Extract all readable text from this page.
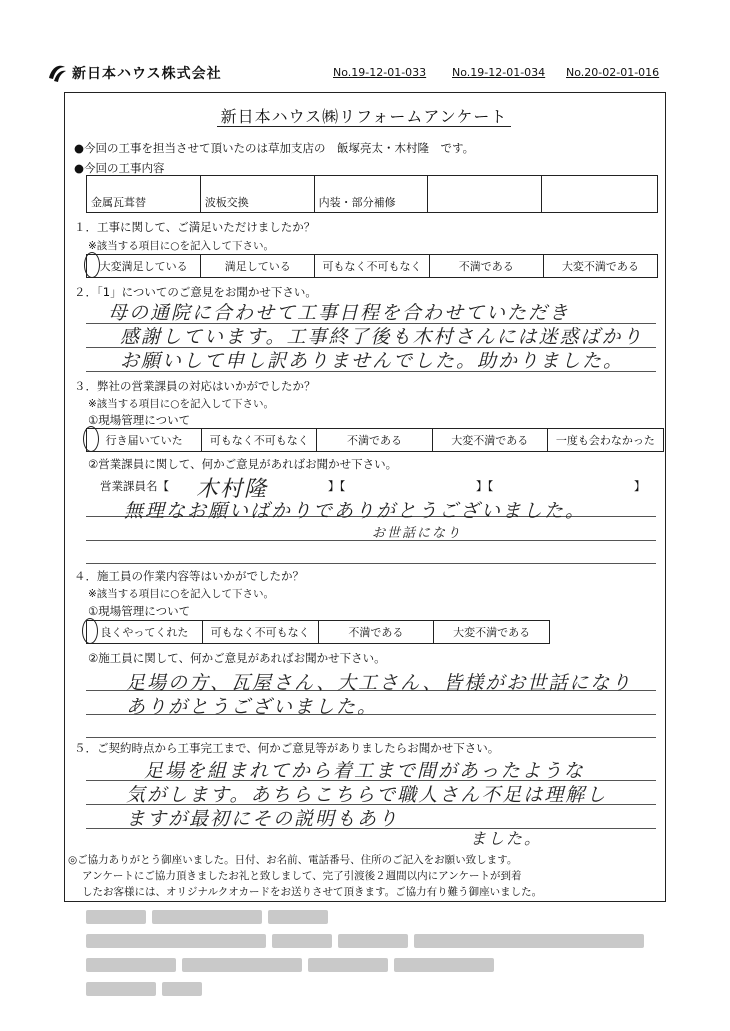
新日本ハウス株式会社	No.19-12-01-033 No.19-12-01-034 No.20-02-01-016
新日本ハウス㈱リフォームアンケート
●今回の工事を担当させて頂いたのは草加支店の　飯塚亮太・木村隆　です。
●今回の工事内容
金属瓦葺替	波板交換	内装・部分補修
１．工事に関して、ご満足いただけましたか？
※該当する項目に○を記入して下さい。
大変満足している	満足している	可もなく不可もなく	不満である	大変不満である
２．「1」についてのご意見をお聞かせ下さい。
母の通院に合わせて工事日程を合わせていただき
感謝しています。工事終了後も木村さんには迷惑ばかり
お願いして申し訳ありませんでした。助かりました。
３．弊社の営業課員の対応はいかがでしたか？
※該当する項目に○を記入して下さい。
①現場管理について
行き届いていた	可もなく不可もなく	不満である	大変不満である	一度も会わなかった
②営業課員に関して、何かご意見があればお聞かせ下さい。
営業課員名【 木村隆	】【	】【	】
無理なお願いばかりでありがとうございました。
お世話になり
４．施工員の作業内容等はいかがでしたか？
※該当する項目に○を記入して下さい。
①現場管理について
良くやってくれた	可もなく不可もなく	不満である	大変不満である
②施工員に関して、何かご意見があればお聞かせ下さい。
足場の方、瓦屋さん、大工さん、皆様がお世話になり
ありがとうございました。
５．ご契約時点から工事完工まで、何かご意見等がありましたらお聞かせ下さい。
足場を組まれてから着工まで間があったような
気がします。あちらこちらで職人さん不足は理解し
ますが最初にその説明もあり
ました。
◎ご協力ありがとう御座いました。日付、お名前、電話番号、住所のご記入をお願い致します。
アンケートにご協力頂きましたお礼と致しまして、完了引渡後２週間以内にアンケートが到着
したお客様には、オリジナルクオカードをお送りさせて頂きます。ご協力有り難う御座いました。
